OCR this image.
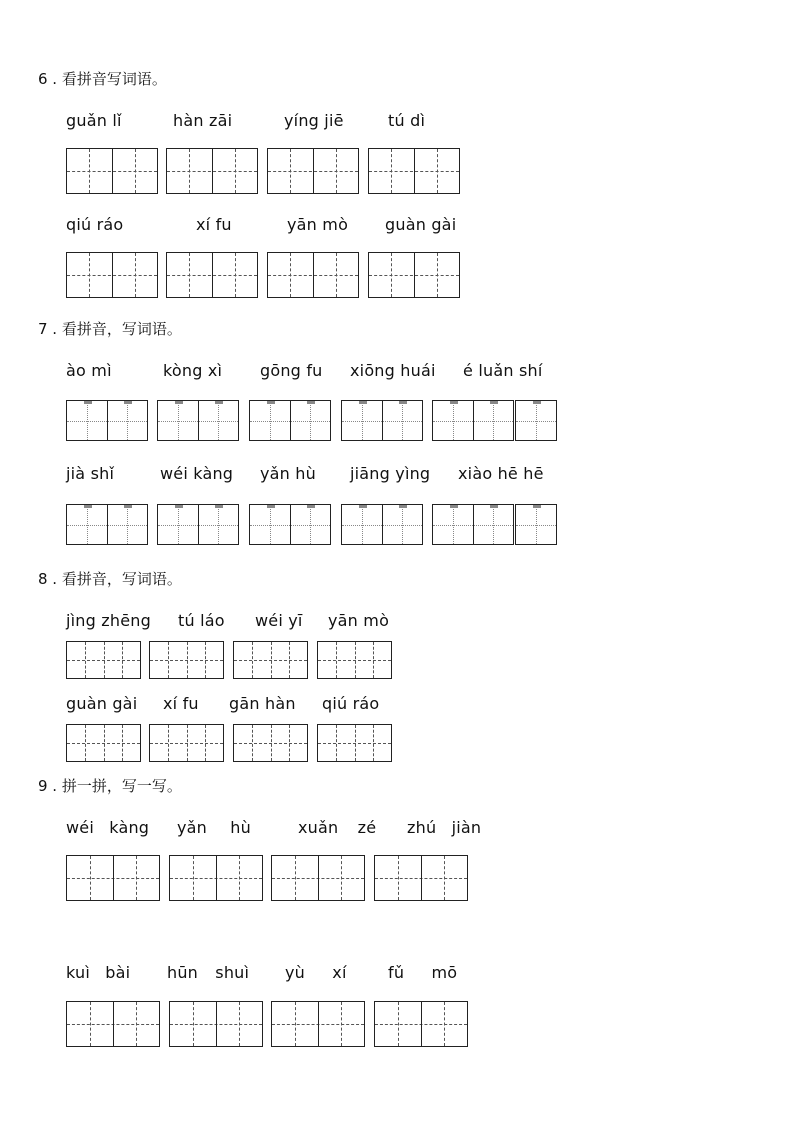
6 . 看拼音写词语。
guǎn lǐ	hàn zāi	yíng jiē	tú dì
qiú ráo	xí fu	yān mò guàn gài
7 . 看拼音，写词语。
ào mì	kòng xì gōng fu xiōng huái é luǎn shí
jià shǐ	wéi kàng yǎn hù jiāng yìng xiào hē hē
8 . 看拼音，写词语。
jìng zhēng tú láo wéi yī yān mò
guàn gài xí fu gān hàn qiú ráo
9 . 拼一拼，写一写。
wéi kàng yǎn hù	xuǎn zé zhú jiàn
kuì bài hūn shuì yù xí	fǔ mō
